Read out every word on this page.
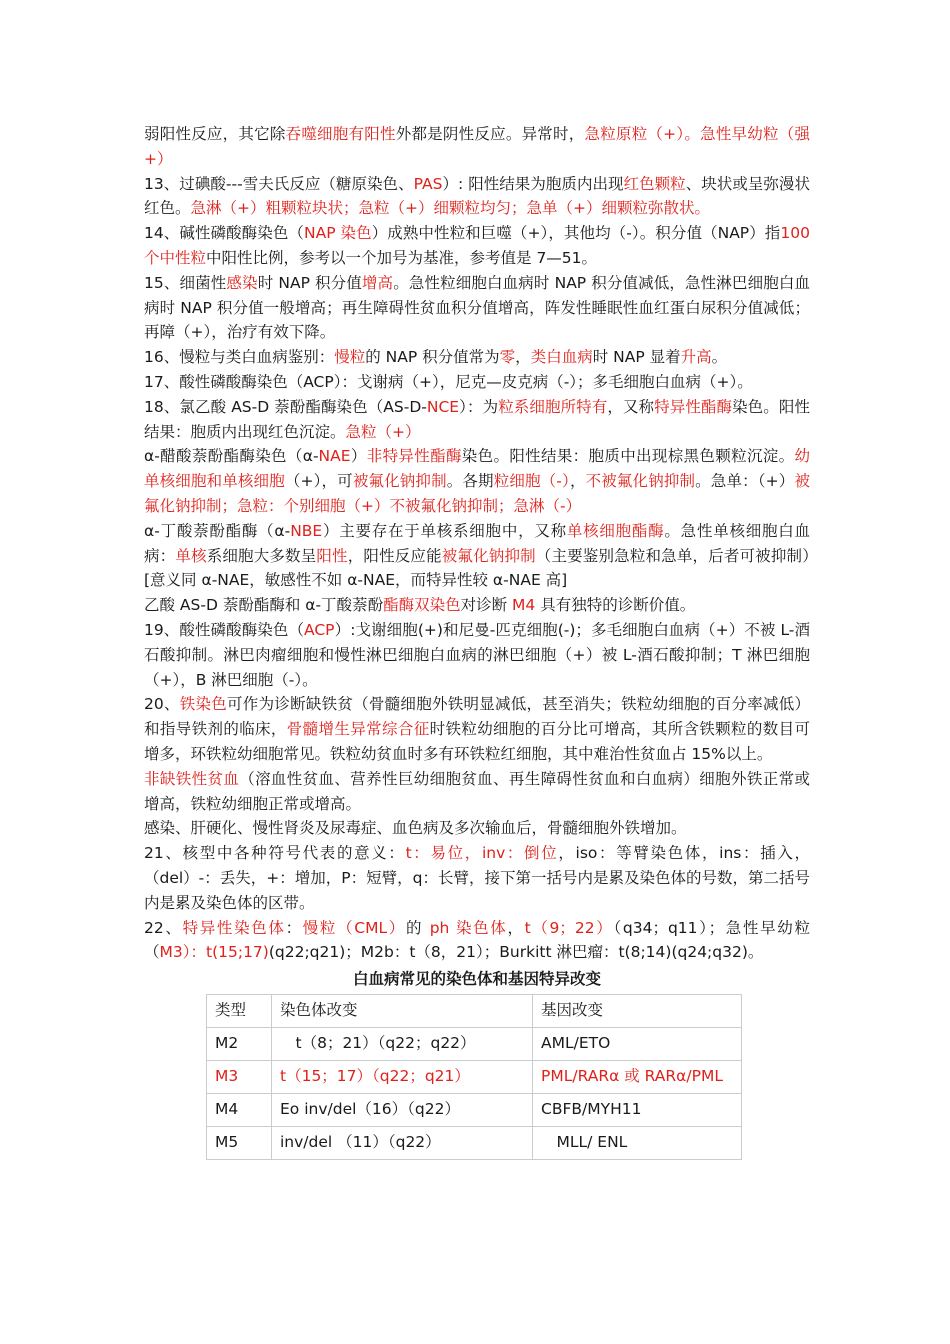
弱阳性反应，其它除吞噬细胞有阳性外都是阴性反应。异常时，急粒原粒（+）。急性早幼粒（强+）

13、过碘酸---雪夫氏反应（糖原染色、PAS）: 阳性结果为胞质内出现红色颗粒、块状或呈弥漫状红色。急淋（+）粗颗粒块状；急粒（+）细颗粒均匀；急单（+）细颗粒弥散状。

14、碱性磷酸酶染色（NAP 染色）成熟中性粒和巨噬（+），其他均（-）。积分值（NAP）指100 个中性粒中阳性比例，参考以一个加号为基准，参考值是 7—51。

15、细菌性感染时 NAP 积分值增高。急性粒细胞白血病时 NAP 积分值减低，急性淋巴细胞白血病时 NAP 积分值一般增高；再生障碍性贫血积分值增高，阵发性睡眠性血红蛋白尿积分值减低；再障（+），治疗有效下降。

16、慢粒与类白血病鉴别：慢粒的 NAP 积分值常为零，类白血病时 NAP 显着升高。

17、酸性磷酸酶染色（ACP）：戈谢病（+），尼克—皮克病（-）；多毛细胞白血病（+）。

18、氯乙酸 AS-D 萘酚酯酶染色（AS-D-NCE）：为粒系细胞所特有，又称特异性酯酶染色。阳性结果：胞质内出现红色沉淀。急粒（+）

α-醋酸萘酚酯酶染色（α-NAE）非特异性酯酶染色。阳性结果：胞质中出现棕黑色颗粒沉淀。幼单核细胞和单核细胞（+），可被氟化钠抑制。各期粒细胞（-），不被氟化钠抑制。急单：（+）被氟化钠抑制；急粒：个别细胞（+）不被氟化钠抑制；急淋（-）

α-丁酸萘酚酯酶（α-NBE）主要存在于单核系细胞中，又称单核细胞酯酶。急性单核细胞白血病：单核系细胞大多数呈阳性，阳性反应能被氟化钠抑制（主要鉴别急粒和急单，后者可被抑制）[意义同 α-NAE，敏感性不如 α-NAE，而特异性较 α-NAE 高]

乙酸 AS-D 萘酚酯酶和 α-丁酸萘酚酯酶双染色对诊断 M4 具有独特的诊断价值。

19、酸性磷酸酶染色（ACP）:戈谢细胞(+)和尼曼-匹克细胞(-)；多毛细胞白血病（+）不被 L-酒石酸抑制。淋巴肉瘤细胞和慢性淋巴细胞白血病的淋巴细胞（+）被 L-酒石酸抑制；T 淋巴细胞（+），B 淋巴细胞（-）。

20、铁染色可作为诊断缺铁贫（骨髓细胞外铁明显减低，甚至消失；铁粒幼细胞的百分率减低）和指导铁剂的临床，骨髓增生异常综合征时铁粒幼细胞的百分比可增高，其所含铁颗粒的数目可增多，环铁粒幼细胞常见。铁粒幼贫血时多有环铁粒红细胞，其中难治性贫血占 15%以上。

非缺铁性贫血（溶血性贫血、营养性巨幼细胞贫血、再生障碍性贫血和白血病）细胞外铁正常或增高，铁粒幼细胞正常或增高。

感染、肝硬化、慢性肾炎及尿毒症、血色病及多次输血后，骨髓细胞外铁增加。

21、核型中各种符号代表的意义：t：易位，inv：倒位，iso：等臂染色体，ins：插入，（del）-：丢失，+：增加，P：短臂，q：长臂，接下第一括号内是累及染色体的号数，第二括号内是累及染色体的区带。

22、特异性染色体：慢粒（CML）的 ph 染色体，t（9；22）（q34；q11）；急性早幼粒（M3）：t(15;17)(q22;q21)；M2b：t（8，21）；Burkitt 淋巴瘤：t(8;14)(q24;q32)。

白血病常见的染色体和基因特异改变
类型	染色体改变	基因改变
M2	　t（8；21）（q22；q22）	AML/ETO
M3	t（15；17）（q22；q21）	PML/RARα 或 RARα/PML
M4	Eo inv/del（16）（q22）	CBFB/MYH11
M5	inv/del （11）（q22）	　MLL/ ENL
